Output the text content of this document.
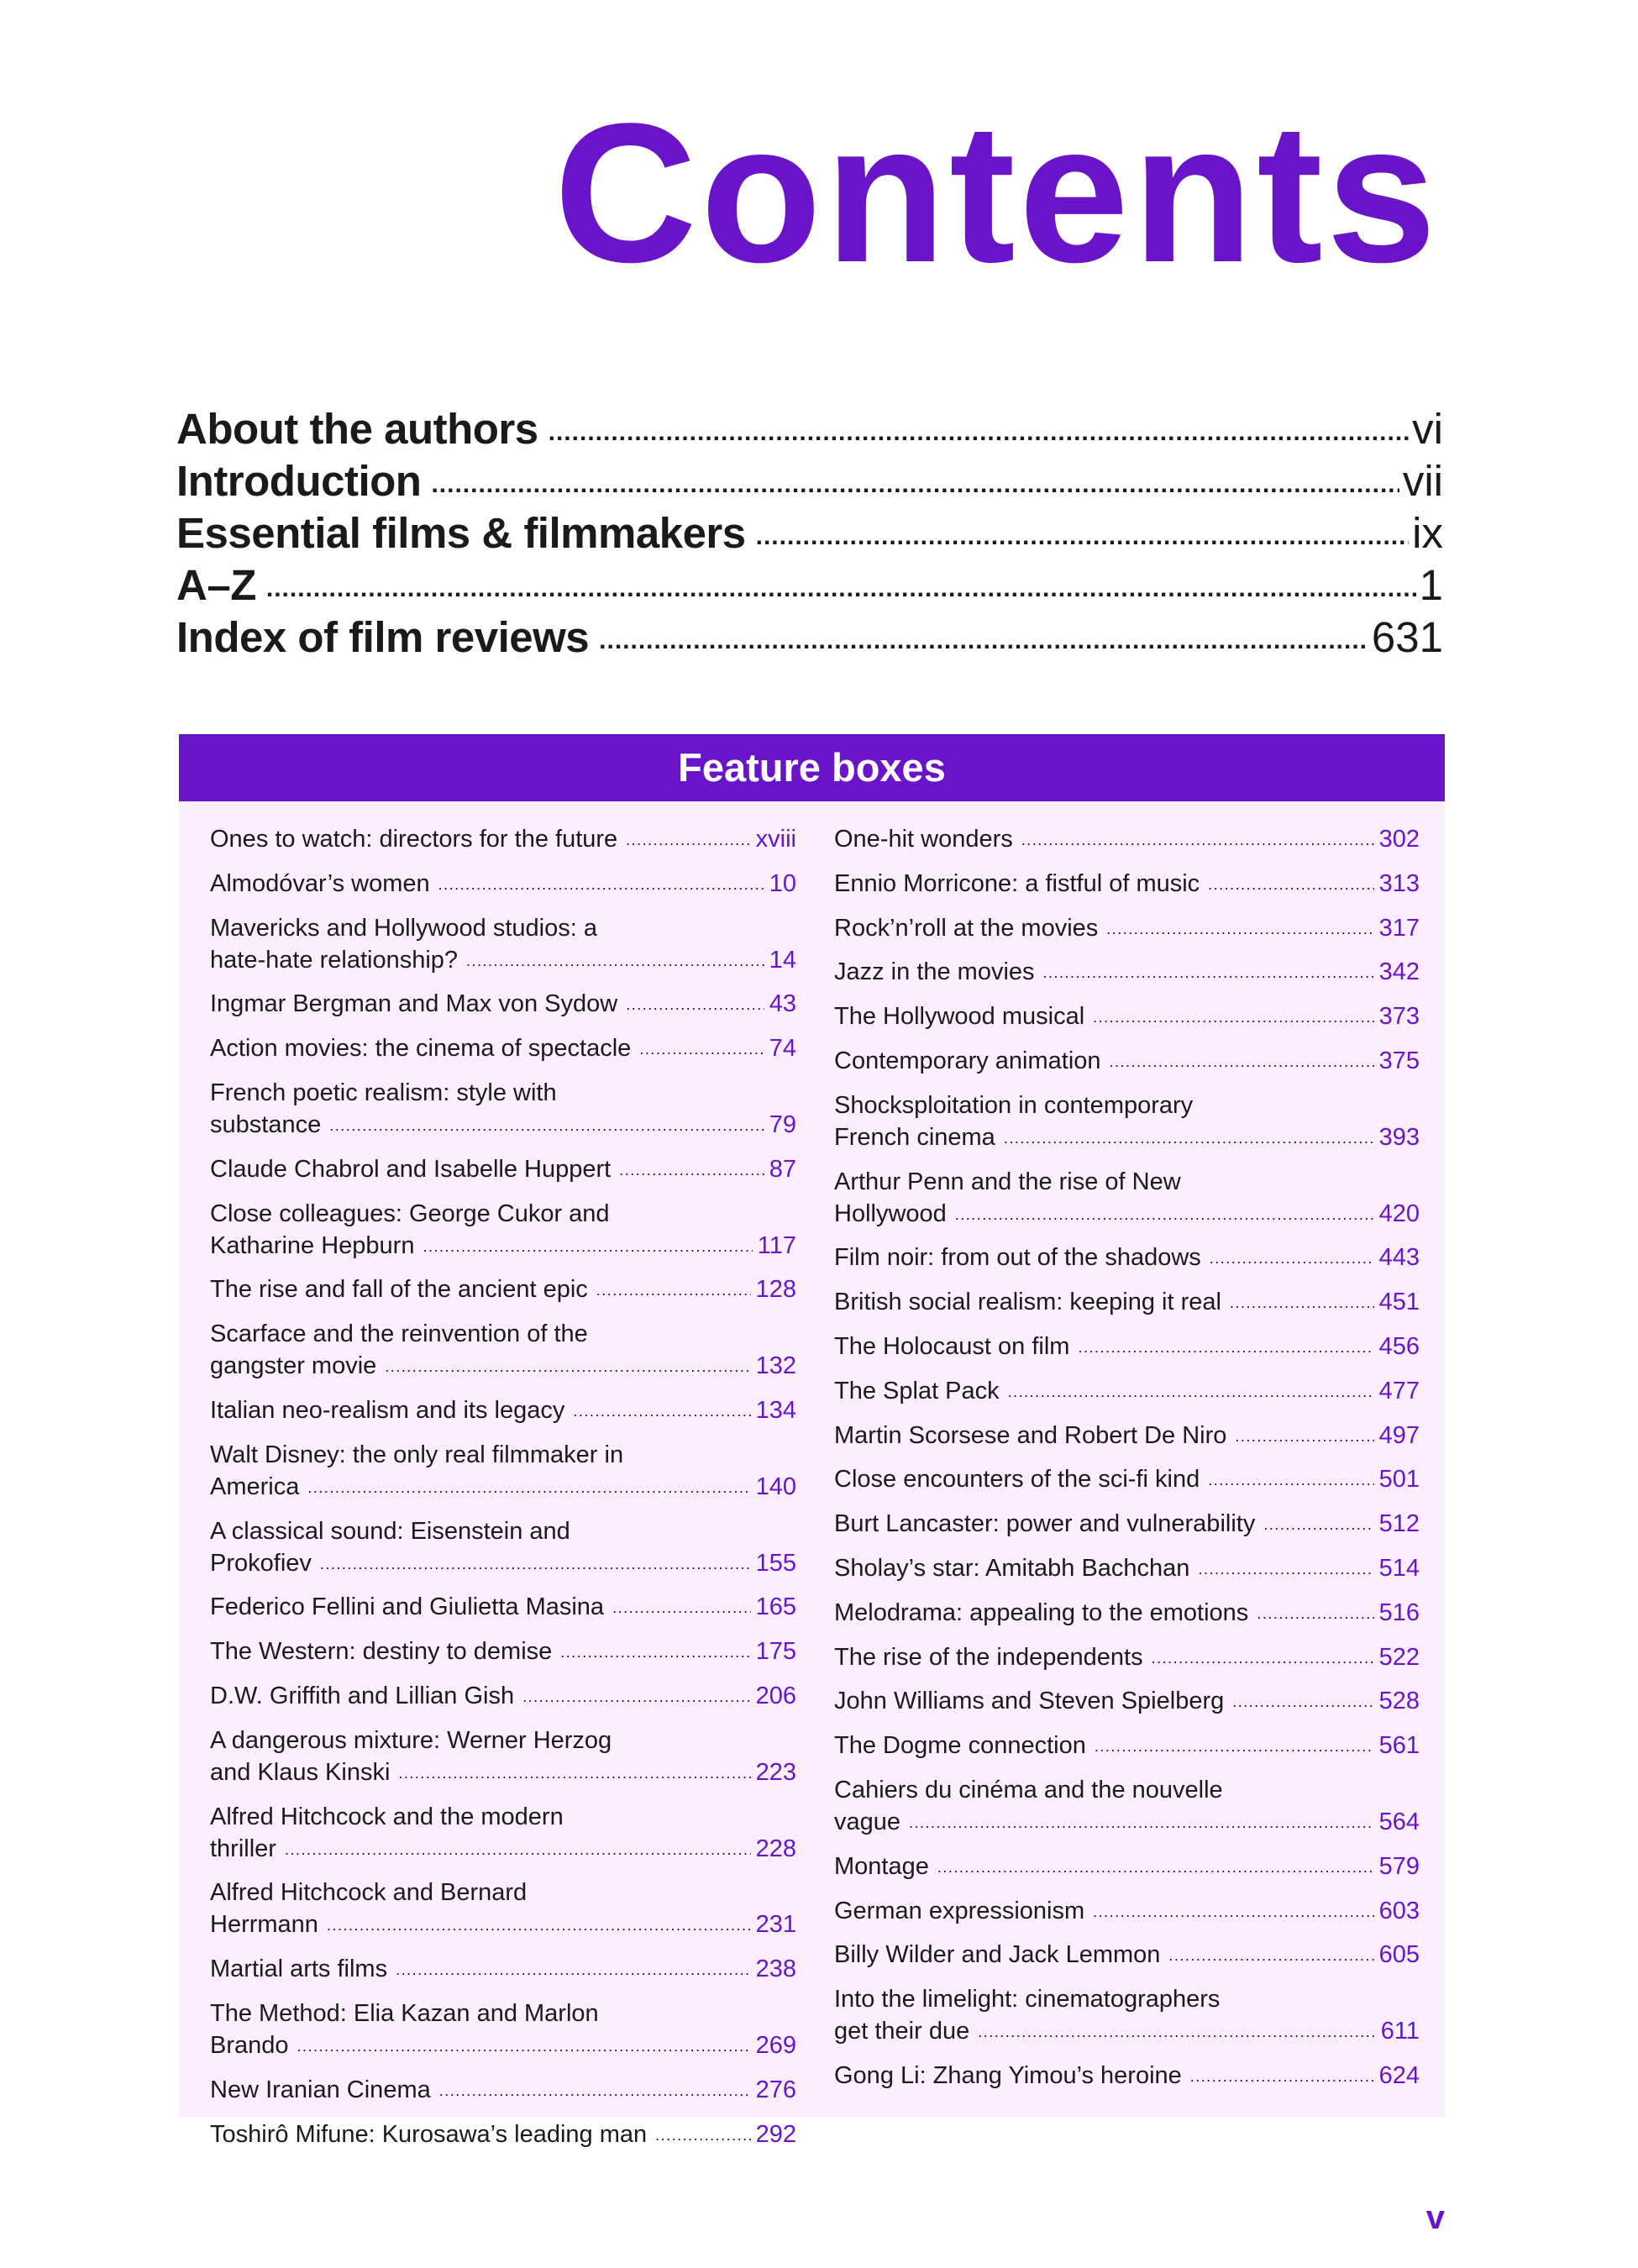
Contents
About the authors .....	vi
Introduction .....	vii
Essential films & filmmakers .....	ix
A–Z .....	1
Index of film reviews .....	631
Feature boxes
Ones to watch: directors for the future .....	xviii
Almodóvar’s women .....	10
Mavericks and Hollywood studios: a
hate-hate relationship? .....	14
Ingmar Bergman and Max von Sydow .....	43
Action movies: the cinema of spectacle .....	74
French poetic realism: style with
substance .....	79
Claude Chabrol and Isabelle Huppert .....	87
Close colleagues: George Cukor and
Katharine Hepburn .....	117
The rise and fall of the ancient epic .....	128
Scarface and the reinvention of the
gangster movie .....	132
Italian neo-realism and its legacy .....	134
Walt Disney: the only real filmmaker in
America .....	140
A classical sound: Eisenstein and
Prokofiev .....	155
Federico Fellini and Giulietta Masina .....	165
The Western: destiny to demise .....	175
D.W. Griffith and Lillian Gish .....	206
A dangerous mixture: Werner Herzog
and Klaus Kinski .....	223
Alfred Hitchcock and the modern
thriller .....	228
Alfred Hitchcock and Bernard
Herrmann .....	231
Martial arts films .....	238
The Method: Elia Kazan and Marlon
Brando .....	269
New Iranian Cinema .....	276
Toshirô Mifune: Kurosawa’s leading man .....	292
One-hit wonders .....	302
Ennio Morricone: a fistful of music .....	313
Rock’n’roll at the movies .....	317
Jazz in the movies .....	342
The Hollywood musical .....	373
Contemporary animation .....	375
Shocksploitation in contemporary
French cinema .....	393
Arthur Penn and the rise of New
Hollywood .....	420
Film noir: from out of the shadows .....	443
British social realism: keeping it real .....	451
The Holocaust on film .....	456
The Splat Pack .....	477
Martin Scorsese and Robert De Niro .....	497
Close encounters of the sci-fi kind .....	501
Burt Lancaster: power and vulnerability .....	512
Sholay’s star: Amitabh Bachchan .....	514
Melodrama: appealing to the emotions .....	516
The rise of the independents .....	522
John Williams and Steven Spielberg .....	528
The Dogme connection .....	561
Cahiers du cinéma and the nouvelle
vague .....	564
Montage .....	579
German expressionism .....	603
Billy Wilder and Jack Lemmon .....	605
Into the limelight: cinematographers
get their due .....	611
Gong Li: Zhang Yimou’s heroine .....	624

v
